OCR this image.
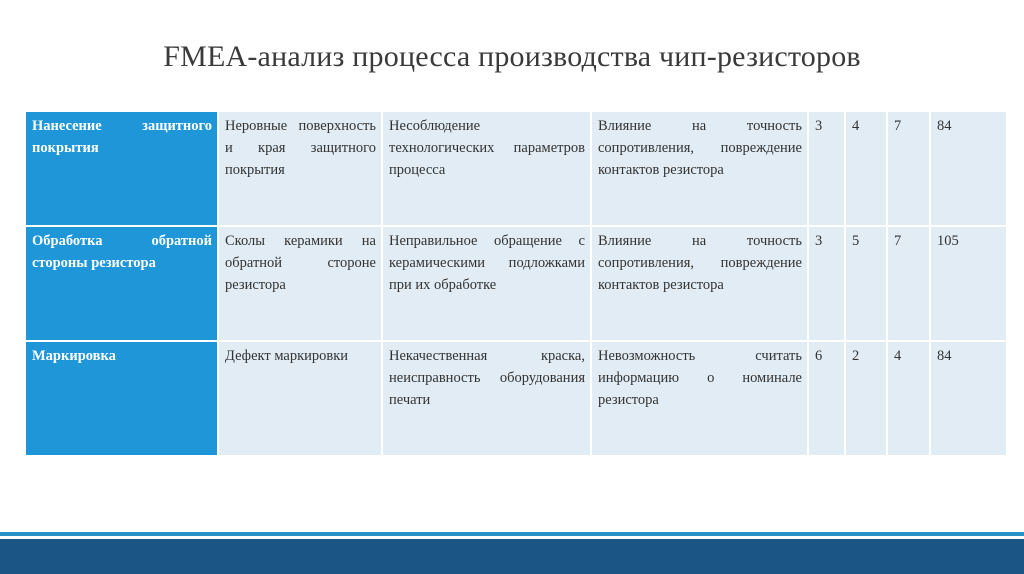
FMEA-анализ процесса производства чип-резисторов
Нанесение защитного покрытия	Неровные поверхность и края защитного покрытия	Несоблюдение технологических параметров процесса	Влияние на точность сопротивления, повреждение контактов резистора	3	4	7	84
Обработка обратной стороны резистора	Сколы керамики на обратной стороне резистора	Неправильное обращение с керамическими подложками при их обработке	Влияние на точность сопротивления, повреждение контактов резистора	3	5	7	105
Маркировка	Дефект маркировки	Некачественная краска, неисправность оборудования печати	Невозможность считать информацию о номинале резистора	6	2	4	84
